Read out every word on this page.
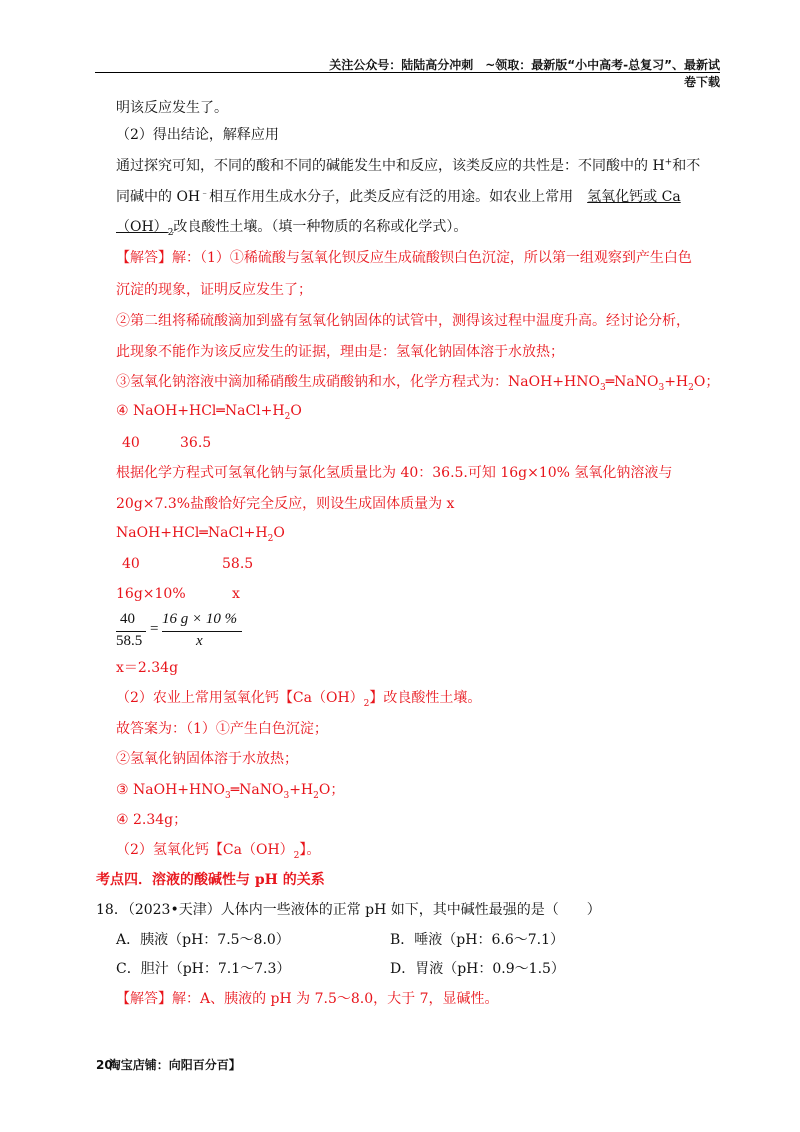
关注公众号：陆陆高分冲刺　~领取：最新版“小中高考-总复习”、最新试卷下载
明该反应发生了。
（2）得出结论，解释应用
通过探究可知，不同的酸和不同的碱能发生中和反应，该类反应的共性是：不同酸中的 H+和不
同碱中的 OH﹣相互作用生成水分子，此类反应有泛的用途。如农业上常用　 氢氧化钙或 Ca
$(OH)_2$改良酸性土壤。（填一种物质的名称或化学式）。
【解答】解：（1）①稀硫酸与氢氧化钡反应生成硫酸钡白色沉淀，所以第一组观察到产生白色
沉淀的现象，证明反应发生了；
②第二组将稀硫酸滴加到盛有氢氧化钠固体的试管中，测得该过程中温度升高。经讨论分析，
此现象不能作为该反应发生的证据，理由是：氢氧化钠固体溶于水放热；
③氢氧化钠溶液中滴加稀硝酸生成硝酸钠和水，化学方程式为：$NaOH+HNO_3═NaNO_3+H_2O$；
④ $NaOH+HCl═NaCl+H_2O$
40	36.5
根据化学方程式可氢氧化钠与氯化氢质量比为 40：36.5.可知 16g×10% 氢氧化钠溶液与
20g×7.3%盐酸恰好完全反应，则设生成固体质量为 x
$NaOH+HCl═NaCl+H_2O$
40	58.5
16g×10%	x
40
58.5
=
16 g × 10 %
x
x＝2.34g
（2）农业上常用氢氧化钙【$Ca(OH)_2$】改良酸性土壤。
故答案为：（1）①产生白色沉淀；
②氢氧化钠固体溶于水放热；
③ $NaOH+HNO_3═NaNO_3+H_2O$；
④ 2.34g；
（2）氢氧化钙【$Ca(OH)_2$】。
考点四．溶液的酸碱性与 pH 的关系
18．（2023•天津）人体内一些液体的正常 pH 如下，其中碱性最强的是（　　）
A．胰液（pH：7.5～8.0）	B．唾液（pH：6.6～7.1）
C．胆汁（pH：7.1～7.3）	D．胃液（pH：0.9～1.5）
【解答】解：A、胰液的 pH 为 7.5～8.0，大于 7，显碱性。
20淘宝店铺：向阳百分百】
